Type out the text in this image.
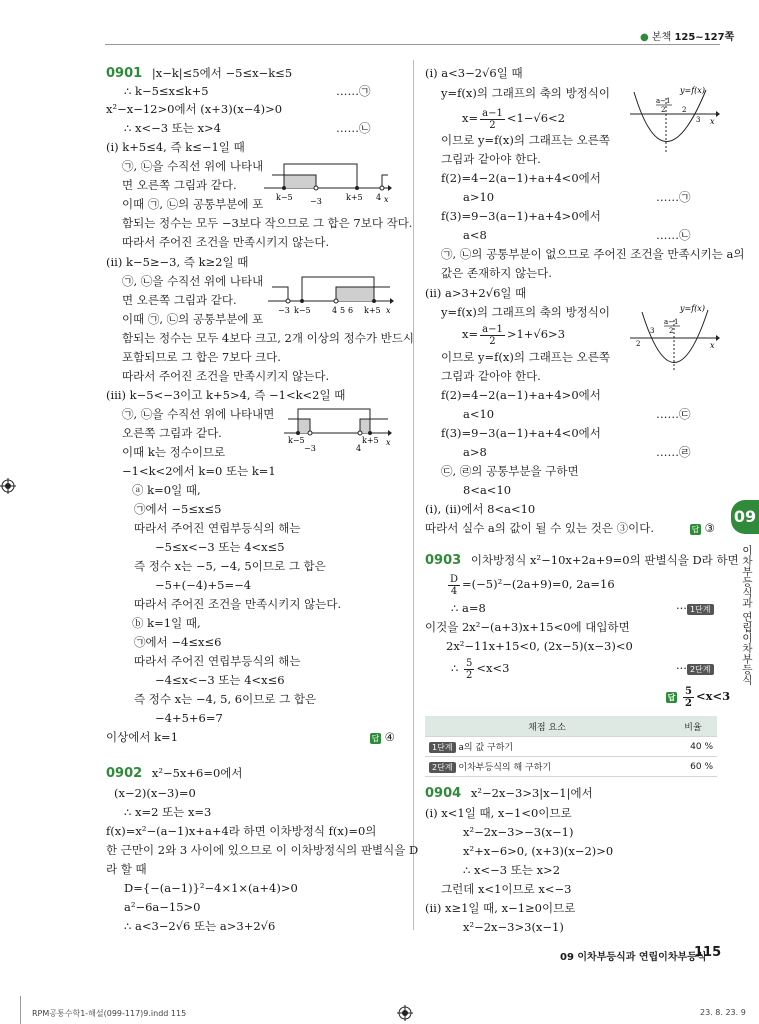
● 본책 125~127쪽
0901 |x−k|≤5에서 −5≤x−k≤5
∴ k−5≤x≤k+5	……㉠
x²−x−12>0에서 (x+3)(x−4)>0
∴ x<−3 또는 x>4	……㉡
(ⅰ) k+5≤4, 즉 k≤−1일 때
㉠, ㉡을 수직선 위에 나타내
면 오른쪽 그림과 같다.
이때 ㉠, ㉡의 공통부분에 포
함되는 정수는 모두 −3보다 작으므로 그 합은 7보다 작다.
따라서 주어진 조건을 만족시키지 않는다.
k−5 −3	k+5 4 x
(ⅱ) k−5≥−3, 즉 k≥2일 때
㉠, ㉡을 수직선 위에 나타내
면 오른쪽 그림과 같다.
이때 ㉠, ㉡의 공통부분에 포
함되는 정수는 모두 4보다 크고, 2개 이상의 정수가 반드시
포함되므로 그 합은 7보다 크다.
따라서 주어진 조건을 만족시키지 않는다.
−3 k−5	4 5 6 k+5 x
(ⅲ) k−5<−3이고 k+5>4, 즉 −1<k<2일 때
㉠, ㉡을 수직선 위에 나타내면
오른쪽 그림과 같다.
이때 k는 정수이므로
−1<k<2에서 k=0 또는 k=1
k−5
−3	4
k+5 x
ⓐ k=0일 때,
㉠에서 −5≤x≤5
따라서 주어진 연립부등식의 해는
−5≤x<−3 또는 4<x≤5
즉 정수 x는 −5, −4, 5이므로 그 합은
−5+(−4)+5=−4
따라서 주어진 조건을 만족시키지 않는다.
ⓑ k=1일 때,
㉠에서 −4≤x≤6
따라서 주어진 연립부등식의 해는
−4≤x<−3 또는 4<x≤6
즉 정수 x는 −4, 5, 6이므로 그 합은
−4+5+6=7
이상에서 k=1	답 ④
0902 x²−5x+6=0에서
(x−2)(x−3)=0
∴ x=2 또는 x=3
f(x)=x²−(a−1)x+a+4라 하면 이차방정식 f(x)=0의
한 근만이 2와 3 사이에 있으므로 이 이차방정식의 판별식을 D
라 할 때
D={−(a−1)}²−4×1×(a+4)>0
a²−6a−15>0
∴ a<3−2√6 또는 a>3+2√6
(ⅰ) a<3−2√6일 때
y=f(x)의 그래프의 축의 방정식이
$x= \frac{a-1}{2} <1-√6<2$
이므로 y=f(x)의 그래프는 오른쪽
그림과 같아야 한다.
f(2)=4−2(a−1)+a+4<0에서
a>10	……㉠
f(3)=9−3(a−1)+a+4>0에서
a<8	……㉡
㉠, ㉡의 공통부분이 없으므로 주어진 조건을 만족시키는 a의
값은 존재하지 않는다.
y=f(x)
a−1
2 2
3 x
(ⅱ) a>3+2√6일 때
y=f(x)의 그래프의 축의 방정식이
$x= \frac{a-1}{2} >1+√6>3$
이므로 y=f(x)의 그래프는 오른쪽
그림과 같아야 한다.
f(2)=4−2(a−1)+a+4>0에서
a<10	……㉢
f(3)=9−3(a−1)+a+4<0에서
a>8	……㉣
㉢, ㉣의 공통부분을 구하면
8<a<10
(ⅰ), (ⅱ)에서 8<a<10
따라서 실수 a의 값이 될 수 있는 것은 ③이다.	답 ③
y=f(x)
a−1
2
3
2	x
0903 이차방정식 x²−10x+2a+9=0의 판별식을 D라 하면
$\frac{D}{4} =(-5)^2-(2a+9)=0$, 2a=16
∴ a=8	··· 1단계
이것을 2x²−(a+3)x+15<0에 대입하면
2x²−11x+15<0, (2x−5)(x−3)<0
∴ $\frac{5}{2} <x<3$	··· 2단계
답 $\frac{5}{2} <x<3$
채점 요소	비율
1단계 a의 값 구하기	40 %
2단계 이차부등식의 해 구하기	60 %
0904 x²−2x−3>3|x−1|에서
(ⅰ) x<1일 때, x−1<0이므로
x²−2x−3>−3(x−1)
x²+x−6>0, (x+3)(x−2)>0
∴ x<−3 또는 x>2
그런데 x<1이므로 x<−3
(ⅱ) x≥1일 때, x−1≥0이므로
x²−2x−3>3(x−1)
09
이차부등식과 연립이차부등식
09 이차부등식과 연립이차부등식
115
RPM공통수학1-해설(099-117)9.indd 115	23. 8. 23. 9
